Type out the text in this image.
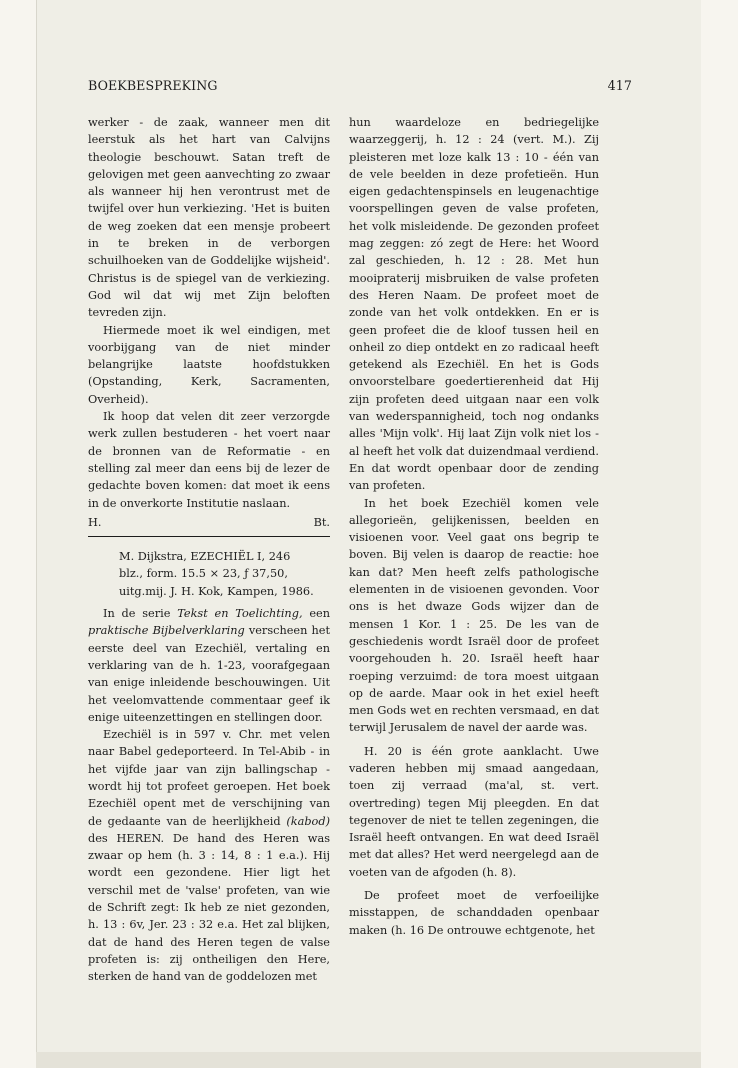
BOEKBESPREKING	417

werker - de zaak, wanneer men dit leerstuk als het hart van Calvijns theologie beschouwt. Satan treft de gelovigen met geen aanvechting zo zwaar als wanneer hij hen verontrust met de twijfel over hun verkiezing. 'Het is buiten de weg zoeken dat een mensje probeert in te breken in de verborgen schuilhoeken van de Goddelijke wijsheid'. Christus is de spiegel van de verkiezing. God wil dat wij met Zijn beloften tevreden zijn.

Hiermede moet ik wel eindigen, met voorbijgang van de niet minder belangrijke laatste hoofdstukken (Opstanding, Kerk, Sacramenten, Overheid).

Ik hoop dat velen dit zeer verzorgde werk zullen bestuderen - het voert naar de bronnen van de Reformatie - en stelling zal meer dan eens bij de lezer de gedachte boven komen: dat moet ik eens in de onverkorte Institutie naslaan.

H.	Bt.
M. Dijkstra, EZECHIËL I, 246
blz., form. 15.5 × 23, ƒ 37,50,
uitg.mij. J. H. Kok, Kampen, 1986.

In de serie Tekst en Toelichting, een praktische Bijbelverklaring verscheen het eerste deel van Ezechiël, vertaling en verklaring van de h. 1-23, voorafgegaan van enige inleidende beschouwingen. Uit het veelomvattende commentaar geef ik enige uiteenzettingen en stellingen door.

Ezechiël is in 597 v. Chr. met velen naar Babel gedeporteerd. In Tel-Abib - in het vijfde jaar van zijn ballingschap - wordt hij tot profeet geroepen. Het boek Ezechiël opent met de verschijning van de gedaante van de heerlijkheid (kabod) des HEREN. De hand des Heren was zwaar op hem (h. 3 : 14, 8 : 1 e.a.). Hij wordt een gezondene. Hier ligt het verschil met de 'valse' profeten, van wie de Schrift zegt: Ik heb ze niet gezonden, h. 13 : 6v, Jer. 23 : 32 e.a. Het zal blijken, dat de hand des Heren tegen de valse profeten is: zij ontheiligen den Here, sterken de hand van de goddelozen met

hun waardeloze en bedriegelijke waarzeggerij, h. 12 : 24 (vert. M.). Zij pleisteren met loze kalk 13 : 10 - één van de vele beelden in deze profetieën. Hun eigen gedachtenspinsels en leugenachtige voorspellingen geven de valse profeten, het volk misleidende. De gezonden profeet mag zeggen: zó zegt de Here: het Woord zal geschieden, h. 12 : 28. Met hun mooipraterij misbruiken de valse profeten des Heren Naam. De profeet moet de zonde van het volk ontdekken. En er is geen profeet die de kloof tussen heil en onheil zo diep ontdekt en zo radicaal heeft getekend als Ezechiël. En het is Gods onvoorstelbare goedertierenheid dat Hij zijn profeten deed uitgaan naar een volk van wederspannigheid, toch nog ondanks alles 'Mijn volk'. Hij laat Zijn volk niet los - al heeft het volk dat duizendmaal verdiend. En dat wordt openbaar door de zending van profeten.

In het boek Ezechiël komen vele allegorieën, gelijkenissen, beelden en visioenen voor. Veel gaat ons begrip te boven. Bij velen is daarop de reactie: hoe kan dat? Men heeft zelfs pathologische elementen in de visioenen gevonden. Voor ons is het dwaze Gods wijzer dan de mensen 1 Kor. 1 : 25. De les van de geschiedenis wordt Israël door de profeet voorgehouden h. 20. Israël heeft haar roeping verzuimd: de tora moest uitgaan op de aarde. Maar ook in het exiel heeft men Gods wet en rechten versmaad, en dat terwijl Jerusalem de navel der aarde was.

H. 20 is één grote aanklacht. Uwe vaderen hebben mij smaad aangedaan, toen zij verraad (ma'al, st. vert. overtreding) tegen Mij pleegden. En dat tegenover de niet te tellen zegeningen, die Israël heeft ontvangen. En wat deed Israël met dat alles? Het werd neergelegd aan de voeten van de afgoden (h. 8).

De profeet moet de verfoeilijke misstappen, de schanddaden openbaar maken (h. 16 De ontrouwe echtgenote, het
